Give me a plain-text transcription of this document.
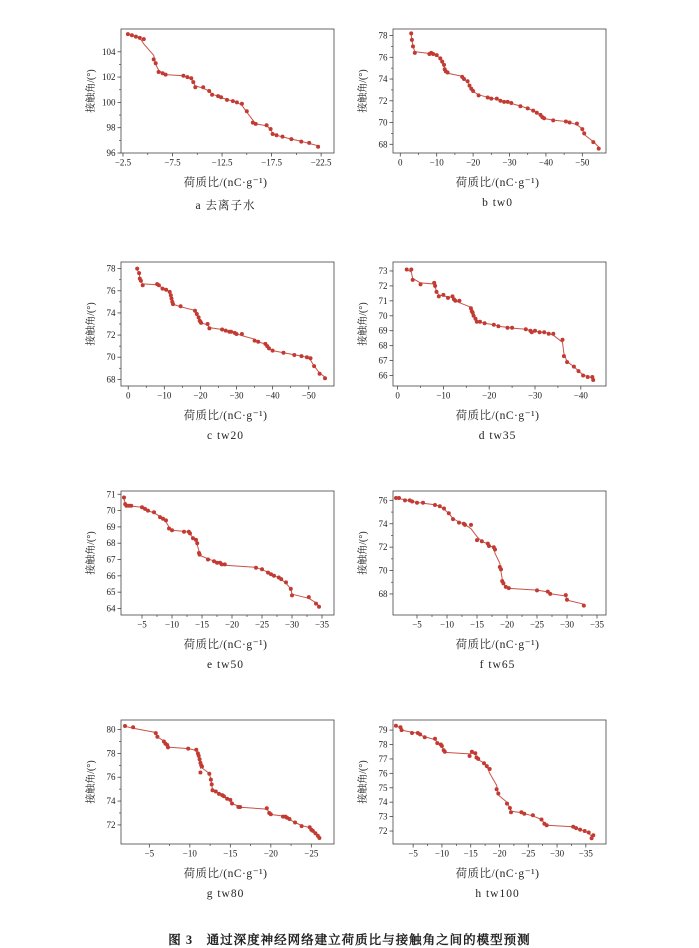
−2.5	−7.5	−12.5	−17.5	−22.5
96
98
100
102
104
接触角/(°)
荷质比/(nC·g⁻¹)
a 去离子水
0	−10 −20 −30 −40 −50
68
70
72
74
76
78
接触角/(°)
荷质比/(nC·g⁻¹)
b tw0
0	−10 −20 −30 −40 −50
68
70
72
74
76
78
接触角/(°)
荷质比/(nC·g⁻¹)
c tw20
0	−10	−20	−30	−40
66
67
68
69
70
71
72
73
接触角/(°)
荷质比/(nC·g⁻¹)
d tw35
−5 −10 −15 −20 −25 −30 −35
64
65
66
67
68
69
70
71
接触角/(°)
荷质比/(nC·g⁻¹)
e tw50
−5 −10 −15 −20 −25 −30 −35
68
70
72
74
76
接触角/(°)
荷质比/(nC·g⁻¹)
f tw65
−5	−10	−15	−20	−25
72
74
76
78
80
接触角/(°)
荷质比/(nC·g⁻¹)
g tw80
−5 −10 −15 −20 −25 −30 −35
72
73
74
75
76
77
78
79
接触角/(°)
荷质比/(nC·g⁻¹)
h tw100
图 3　通过深度神经网络建立荷质比与接触角之间的模型预测
